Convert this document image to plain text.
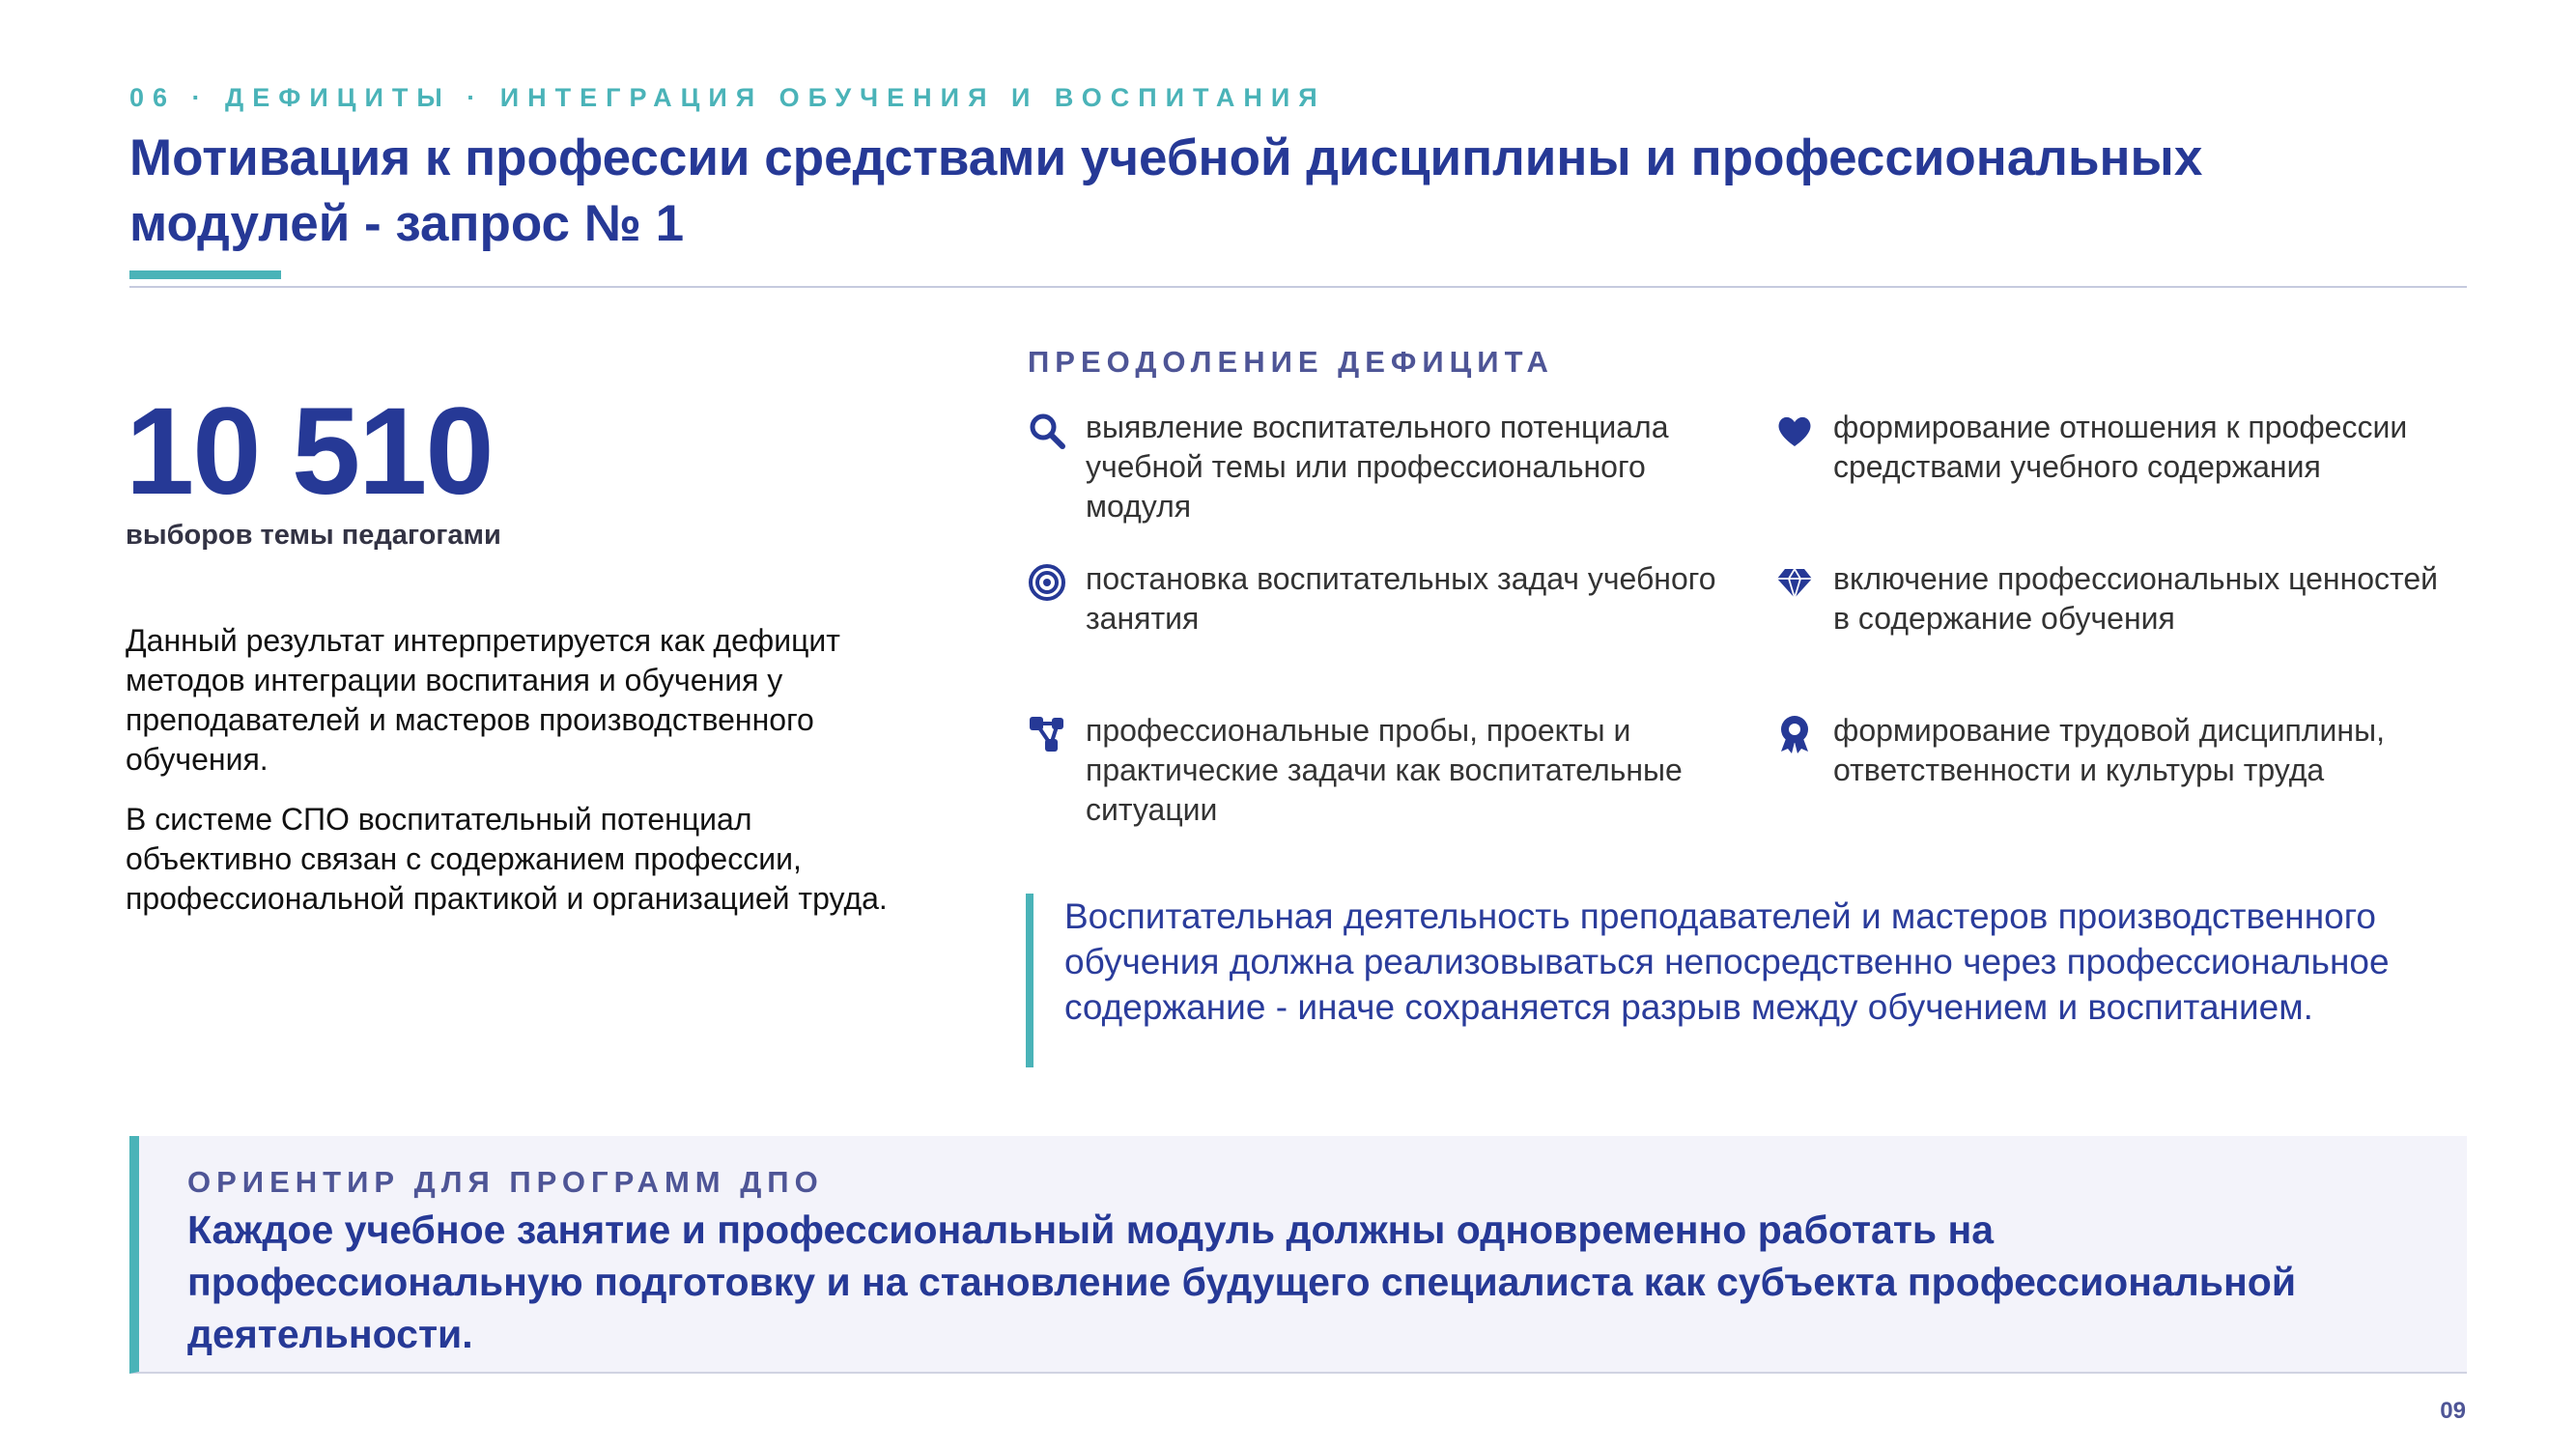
06 · ДЕФИЦИТЫ · ИНТЕГРАЦИЯ ОБУЧЕНИЯ И ВОСПИТАНИЯ
Мотивация к профессии средствами учебной дисциплины и профессиональных модулей - запрос № 1
10 510
выборов темы педагогами

Данный результат интерпретируется как дефицит методов интеграции воспитания и обучения у преподавателей и мастеров производственного обучения.

В системе СПО воспитательный потенциал объективно связан с содержанием профессии, профессиональной практикой и организацией труда.

ПРЕОДОЛЕНИЕ ДЕФИЦИТА
выявление воспитательного потенциала учебной темы или профессионального модуля
формирование отношения к профессии средствами учебного содержания
постановка воспитательных задач учебного занятия
включение профессиональных ценностей в содержание обучения
профессиональные пробы, проекты и практические задачи как воспитательные ситуации
формирование трудовой дисциплины, ответственности и культуры труда

Воспитательная деятельность преподавателей и мастеров производственного обучения должна реализовываться непосредственно через профессиональное содержание - иначе сохраняется разрыв между обучением и воспитанием.

ОРИЕНТИР ДЛЯ ПРОГРАММ ДПО

Каждое учебное занятие и профессиональный модуль должны одновременно работать на профессиональную подготовку и на становление будущего специалиста как субъекта профессиональной деятельности.

09
